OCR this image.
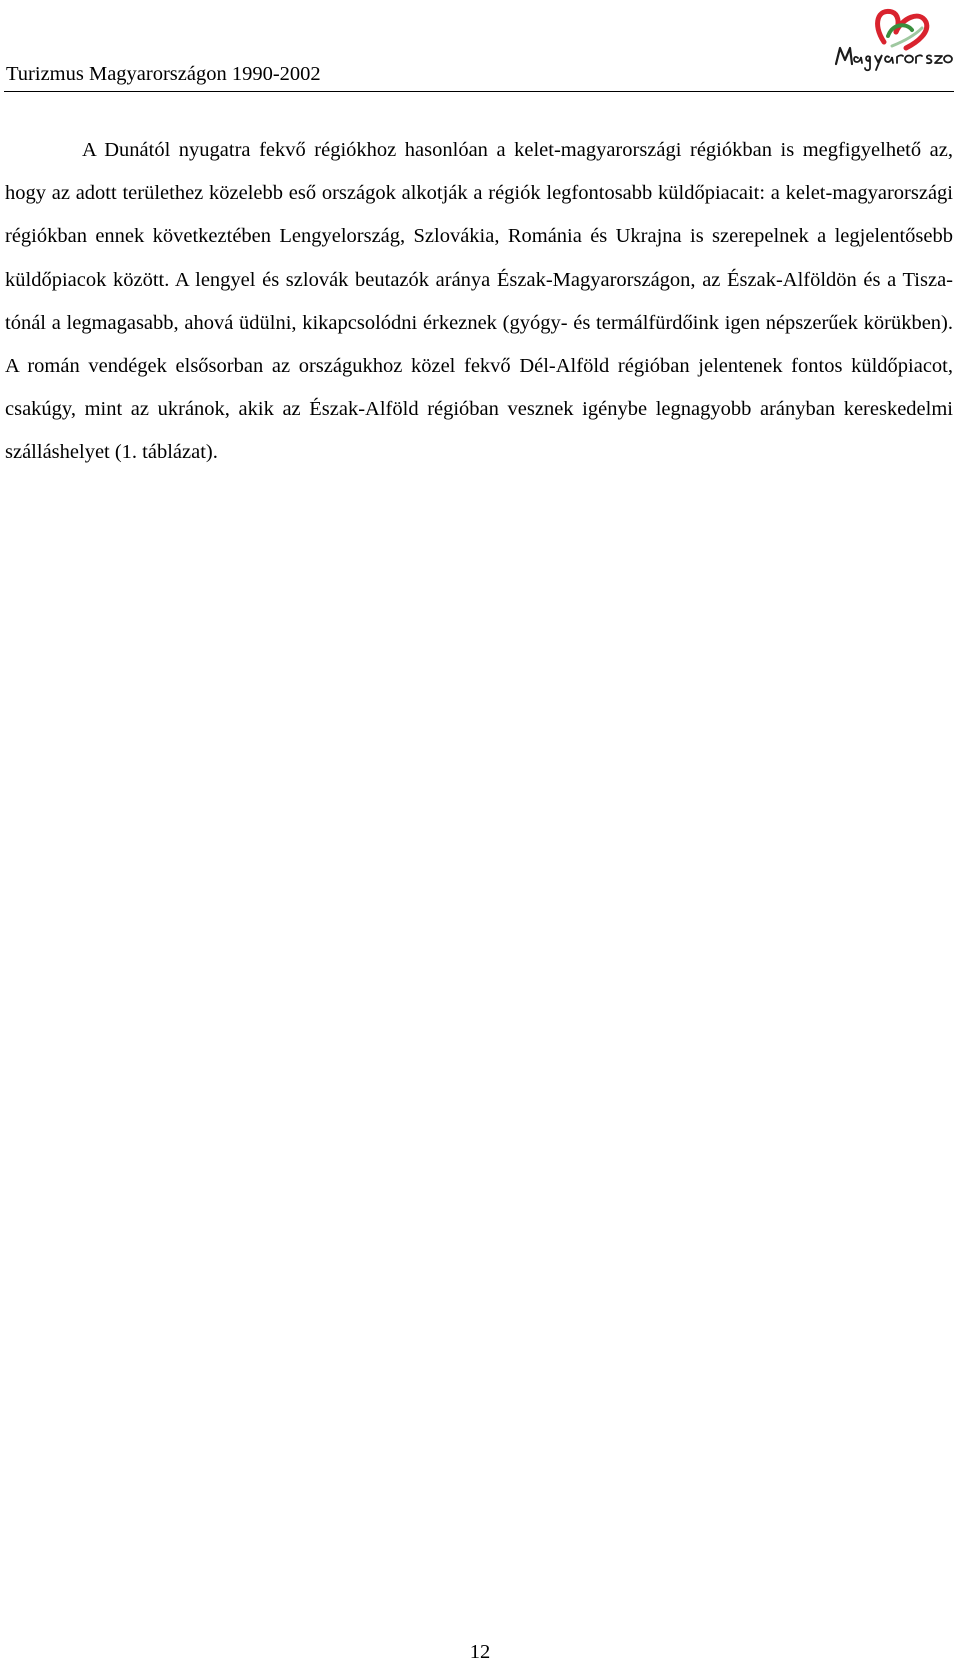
Turizmus Magyarországon 1990-2002

A Dunától nyugatra fekvő régiókhoz hasonlóan a kelet-magyarországi régiókban is megfigyelhető az, hogy az adott területhez közelebb eső országok alkotják a régiók legfontosabb küldőpiacait: a kelet-magyarországi régiókban ennek következtében Lengyelország, Szlovákia, Románia és Ukrajna is szerepelnek a legjelentősebb küldőpiacok között. A lengyel és szlovák beutazók aránya Észak-Magyarországon, az Észak-Alföldön és a Tisza-tónál a legmagasabb, ahová üdülni, kikapcsolódni érkeznek (gyógy- és termálfürdőink igen népszerűek körükben). A román vendégek elsősorban az országukhoz közel fekvő Dél-Alföld régióban jelentenek fontos küldőpiacot, csakúgy, mint az ukránok, akik az Észak-Alföld régióban vesznek igénybe legnagyobb arányban kereskedelmi szálláshelyet (1. táblázat).

12
